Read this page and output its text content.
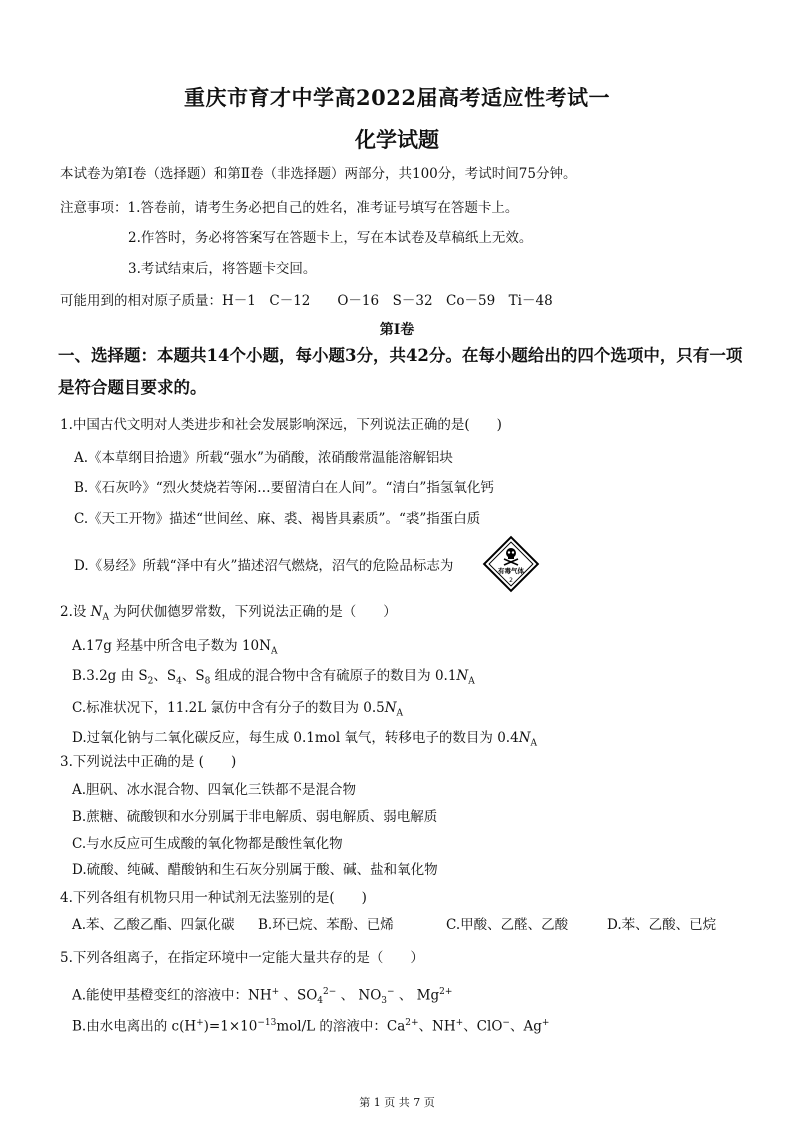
重庆市育才中学高2022届高考适应性考试一
化学试题
本试卷为第Ⅰ卷（选择题）和第Ⅱ卷（非选择题）两部分，共100分，考试时间75分钟。
注意事项：1.答卷前，请考生务必把自己的姓名，准考证号填写在答题卡上。
2.作答时，务必将答案写在答题卡上，写在本试卷及草稿纸上无效。
3.考试结束后，将答题卡交回。
可能用到的相对原子质量：H－1　C－12　　O－16　S－32　Co－59　Ti－48
第Ⅰ卷
一、选择题：本题共14个小题，每小题3分，共42分。在每小题给出的四个选项中，只有一项
是符合题目要求的。
1.中国古代文明对人类进步和社会发展影响深远，下列说法正确的是(　　)
A.《本草纲目拾遗》所载“强水”为硝酸，浓硝酸常温能溶解铝块
B.《石灰吟》“烈火焚烧若等闲…要留清白在人间”。“清白”指氢氧化钙
C.《天工开物》描述“世间丝、麻、裘、褐皆具素质”。“裘”指蛋白质
D.《易经》所载“泽中有火”描述沼气燃烧，沼气的危险品标志为	有毒气体
2
2.设 $N_A$ 为阿伏伽德罗常数，下列说法正确的是（　　）
A.17g 羟基中所含电子数为 $10N_A$
B.3.2g 由 $S_2$、$S_4$、$S_8$ 组成的混合物中含有硫原子的数目为 $0.1N_A$
C.标准状况下，11.2L 氯仿中含有分子的数目为 $0.5N_A$
D.过氧化钠与二氧化碳反应，每生成 0.1mol 氧气，转移电子的数目为 $0.4N_A$
3.下列说法中正确的是 (　　)
A.胆矾、冰水混合物、四氧化三铁都不是混合物
B.蔗糖、硫酸钡和水分别属于非电解质、弱电解质、弱电解质
C.与水反应可生成酸的氧化物都是酸性氧化物
D.硫酸、纯碱、醋酸钠和生石灰分别属于酸、碱、盐和氧化物
4.下列各组有机物只用一种试剂无法鉴别的是(　　)
A.苯、乙酸乙酯、四氯化碳 B.环已烷、苯酚、已烯	C.甲酸、乙醛、乙酸	D.苯、乙酸、已烷
5.下列各组离子，在指定环境中一定能大量共存的是（　　）
A.能使甲基橙变红的溶液中：NH+ 、$SO_4^{2-}$ 、 $NO_3^-$ 、 $Mg^{2+}$
B.由水电离出的 $c(H^+)=1\times 10^{-13}mol/L$ 的溶液中：$Ca^{2+}$、NH+、ClO−、Ag+
第 1 页 共 7 页
